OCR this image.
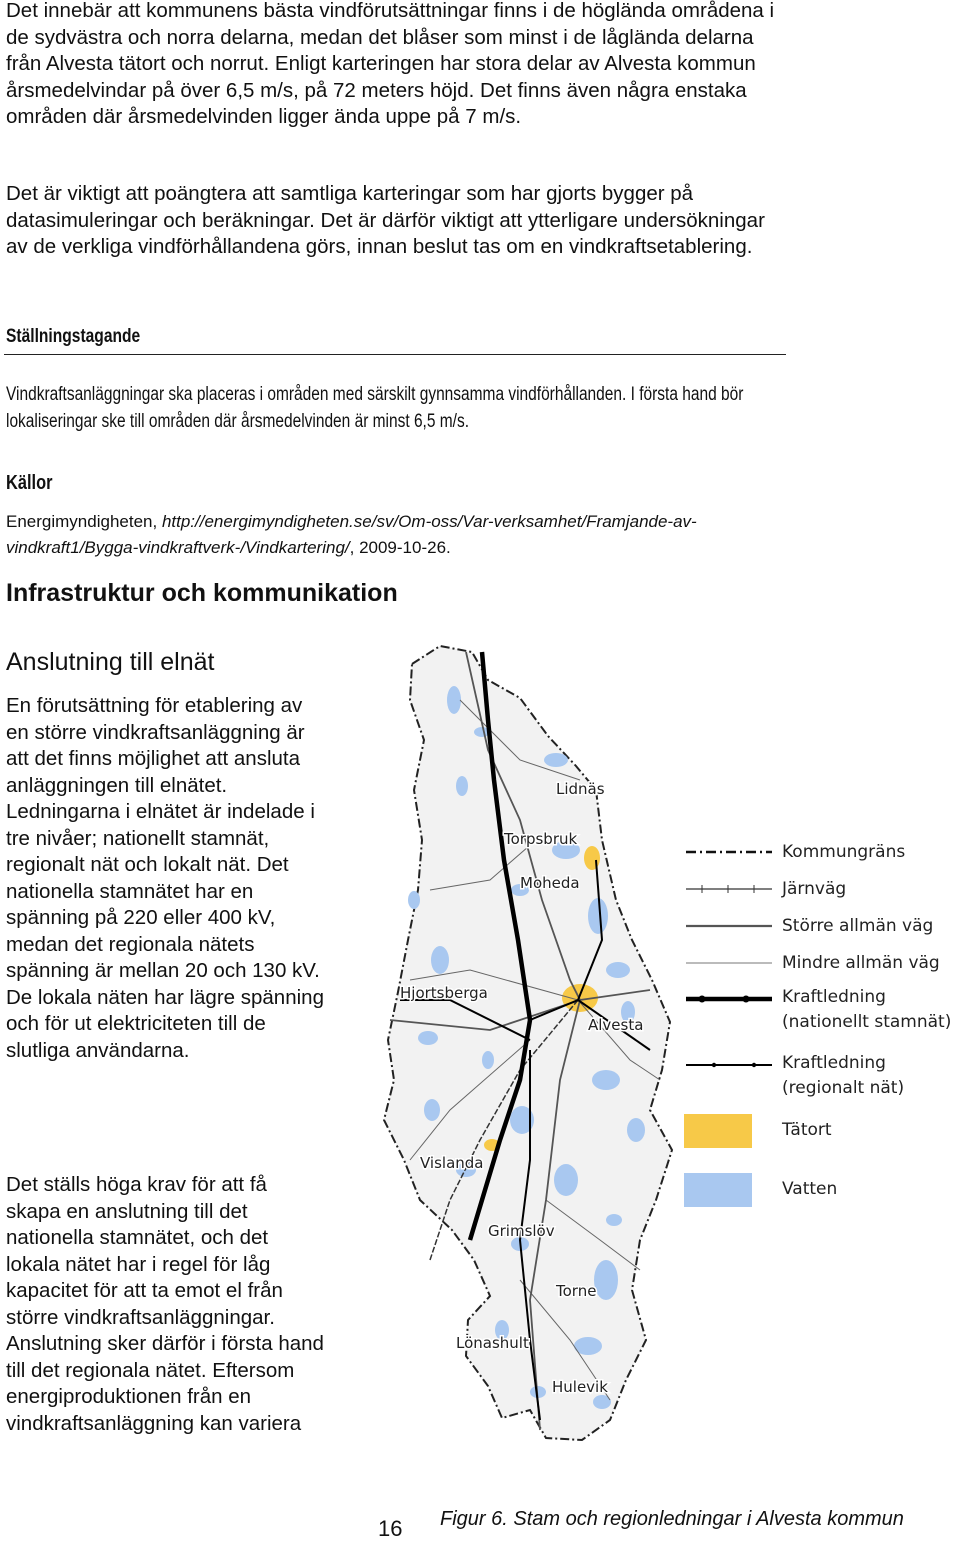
Det innebär att kommunens bästa vindförutsättningar finns i de höglända områdena i de sydvästra och norra delarna, medan det blåser som minst i de låglända delarna från Alvesta tätort och norrut. Enligt karteringen har stora delar av Alvesta kommun årsmedelvindar på över 6,5 m/s, på 72 meters höjd. Det finns även några enstaka områden där årsmedelvinden ligger ända uppe på 7 m/s.

Det är viktigt att poängtera att samtliga karteringar som har gjorts bygger på datasimuleringar och beräkningar. Det är därför viktigt att ytterligare undersökningar av de verkliga vindförhållandena görs, innan beslut tas om en vindkraftsetablering.

Ställningstagande
Vindkraftsanläggningar ska placeras i områden med särskilt gynnsamma vindförhållanden. I första hand bör lokaliseringar ske till områden där årsmedelvinden är minst 6,5 m/s.
Källor
Energimyndigheten, http://energimyndigheten.se/sv/Om-oss/Var-verksamhet/Framjande-av-vindkraft1/Bygga-vindkraftverk-/Vindkartering/, 2009-10-26.
Infrastruktur och kommunikation
Anslutning till elnät

En förutsättning för etablering av en större vindkraftsanläggning är att det finns möjlighet att ansluta anläggningen till elnätet. Ledningarna i elnätet är indelade i tre nivåer; nationellt stamnät, regionalt nät och lokalt nät. Det nationella stamnätet har en spänning på 220 eller 400 kV, medan det regionala nätets spänning är mellan 20 och 130 kV. De lokala näten har lägre spänning och för ut elektriciteten till de slutliga användarna.

Det ställs höga krav för att få skapa en anslutning till det nationella stamnätet, och det lokala nätet har i regel för låg kapacitet för att ta emot el från större vindkraftsanläggningar. Anslutning sker därför i första hand till det regionala nätet. Eftersom energiproduktionen från en vindkraftsanläggning kan variera

Lidnäs
Torpsbruk
Moheda
Hjortsberga
Alvesta
Vislanda
Grimslöv
Torne
Lönashult
Hulevik
Kommungräns
Järnväg
Större allmän väg
Mindre allmän väg
Kraftledning
(nationellt stamnät)
Kraftledning
(regionalt nät)
Tätort
Vatten
16 Figur 6. Stam och regionledningar i Alvesta kommun
